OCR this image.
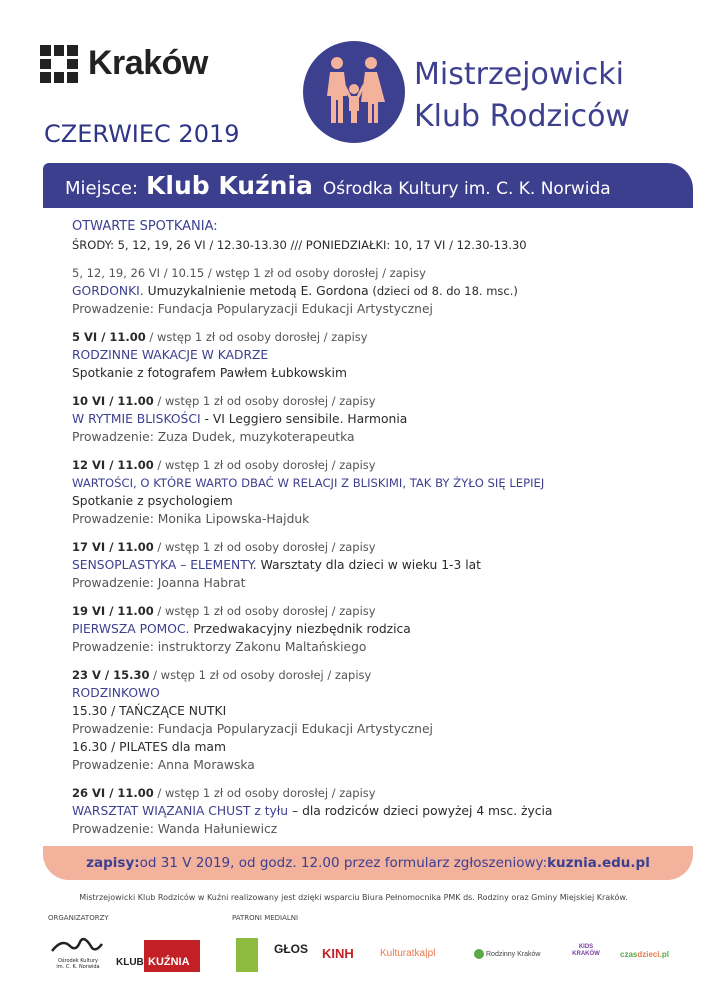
Kraków
CZERWIEC 2019
Mistrzejowicki
Klub Rodziców
Miejsce: Klub Kuźnia Ośrodka Kultury im. C. K. Norwida
OTWARTE SPOTKANIA:
ŚRODY: 5, 12, 19, 26 VI / 12.30-13.30 /// PONIEDZIAŁKI: 10, 17 VI / 12.30-13.30
5, 12, 19, 26 VI / 10.15 / wstęp 1 zł od osoby dorosłej / zapisy
GORDONKI. Umuzykalnienie metodą E. Gordona (dzieci od 8. do 18. msc.)
Prowadzenie: Fundacja Popularyzacji Edukacji Artystycznej
5 VI / 11.00 / wstęp 1 zł od osoby dorosłej / zapisy
RODZINNE WAKACJE W KADRZE
Spotkanie z fotografem Pawłem Łubkowskim
10 VI / 11.00 / wstęp 1 zł od osoby dorosłej / zapisy
W RYTMIE BLISKOŚCI - VI Leggiero sensibile. Harmonia
Prowadzenie: Zuza Dudek, muzykoterapeutka
12 VI / 11.00 / wstęp 1 zł od osoby dorosłej / zapisy
WARTOŚCI, O KTÓRE WARTO DBAĆ W RELACJI Z BLISKIMI, TAK BY ŻYŁO SIĘ LEPIEJ
Spotkanie z psychologiem
Prowadzenie: Monika Lipowska-Hajduk
17 VI / 11.00 / wstęp 1 zł od osoby dorosłej / zapisy
SENSOPLASTYKA – ELEMENTY. Warsztaty dla dzieci w wieku 1-3 lat
Prowadzenie: Joanna Habrat
19 VI / 11.00 / wstęp 1 zł od osoby dorosłej / zapisy
PIERWSZA POMOC. Przedwakacyjny niezbędnik rodzica
Prowadzenie: instruktorzy Zakonu Maltańskiego
23 V / 15.30 / wstęp 1 zł od osoby dorosłej / zapisy
RODZINKOWO
15.30 / TAŃCZĄCE NUTKI
Prowadzenie: Fundacja Popularyzacji Edukacji Artystycznej
16.30 / PILATES dla mam
Prowadzenie: Anna Morawska
26 VI / 11.00 / wstęp 1 zł od osoby dorosłej / zapisy
WARSZTAT WIĄZANIA CHUST z tyłu – dla rodziców dzieci powyżej 4 msc. życia
Prowadzenie: Wanda Hałuniewicz
zapisy: od 31 V 2019, od godz. 12.00 przez formularz zgłoszeniowy: kuznia.edu.pl
Mistrzejowicki Klub Rodziców w Kuźni realizowany jest dzięki wsparciu Biura Pełnomocnika PMK ds. Rodziny oraz Gminy Miejskiej Kraków.
ORGANIZATORZY	PATRONI MEDIALNI
Ośrodek Kultury
im. C. K. Norwida	KLUB KUŹNIA
GŁOS KINH	Kulturatka|pl	Rodzinny Kraków
KIDS KRAKÓW	czasdzieci.pl
